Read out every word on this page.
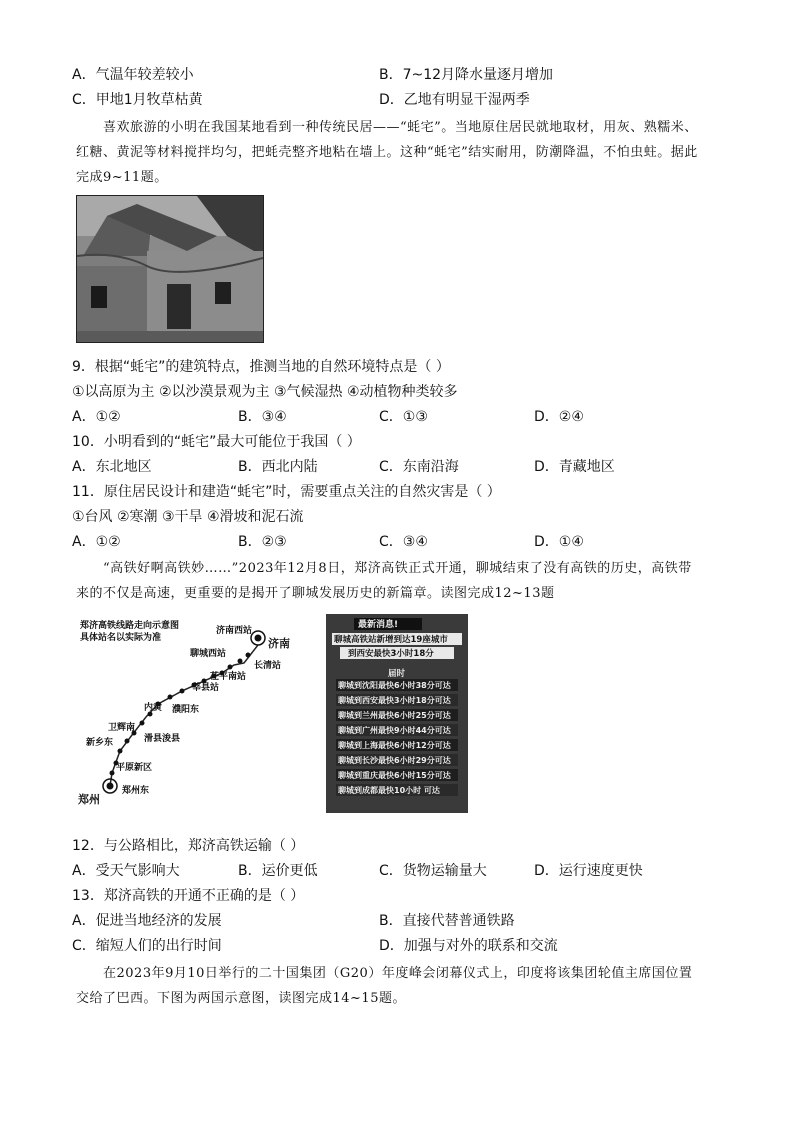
A．气温年较差较小	B．7~12月降水量逐月增加
C．甲地1月牧草枯黄	D．乙地有明显干湿两季
喜欢旅游的小明在我国某地看到一种传统民居——“蚝宅”。当地原住居民就地取材，用灰、熟糯米、
红糖、黄泥等材料搅拌均匀，把蚝壳整齐地粘在墙上。这种“蚝宅”结实耐用，防潮降温，不怕虫蛀。据此
完成9~11题。
9．根据“蚝宅”的建筑特点，推测当地的自然环境特点是（ ）
①以高原为主 ②以沙漠景观为主 ③气候湿热 ④动植物种类较多
A．①②	B．③④	C．①③	D．②④
10．小明看到的“蚝宅”最大可能位于我国（ ）
A．东北地区	B．西北内陆	C．东南沿海	D．青藏地区
11．原住居民设计和建造“蚝宅”时，需要重点关注的自然灾害是（ ）
①台风 ②寒潮 ③干旱 ④滑坡和泥石流
A．①②	B．②③	C．③④	D．①④
“高铁好啊高铁妙……”2023年12月8日，郑济高铁正式开通，聊城结束了没有高铁的历史，高铁带
来的不仅是高速，更重要的是揭开了聊城发展历史的新篇章。读图完成12~13题
郑济高铁线路走向示意图
具体站名以实际为准	济南
济南西站
长清站
聊城西站
莘县站
茌平南站
内黄 濮阳东
卫辉南
滑县浚县
新乡东
平原新区
郑州东
郑州
最新消息!
聊城高铁站新增到达19座城市
到西安最快3小时18分
届时
聊城到沈阳最快6小时38分可达
聊城到西安最快3小时18分可达
聊城到兰州最快6小时25分可达
聊城到广州最快9小时44分可达
聊城到上海最快6小时12分可达
聊城到长沙最快6小时29分可达
聊城到重庆最快6小时15分可达
聊城到成都最快10小时 可达
12．与公路相比，郑济高铁运输（ ）
A．受天气影响大	B．运价更低	C．货物运输量大	D．运行速度更快
13．郑济高铁的开通不正确的是（ ）
A．促进当地经济的发展	B．直接代替普通铁路
C．缩短人们的出行时间	D．加强与对外的联系和交流
在2023年9月10日举行的二十国集团（G20）年度峰会闭幕仪式上，印度将该集团轮值主席国位置
交给了巴西。下图为两国示意图，读图完成14~15题。
